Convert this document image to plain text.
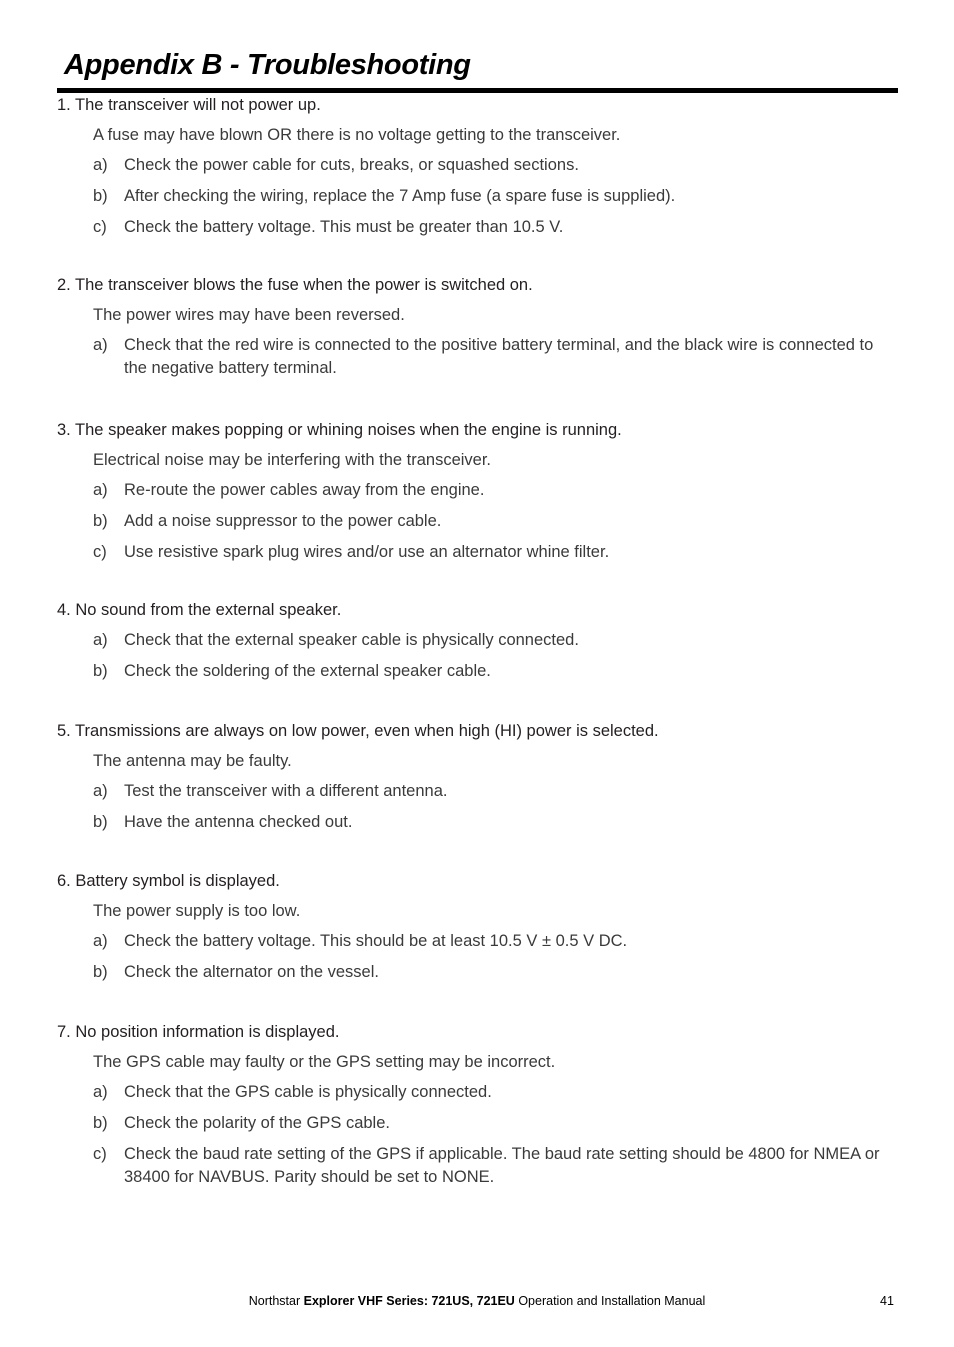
Appendix B - Troubleshooting

1. The transceiver will not power up.

A fuse may have blown OR there is no voltage getting to the transceiver.

a) Check the power cable for cuts, breaks, or squashed sections.
b) After checking the wiring, replace the 7 Amp fuse (a spare fuse is supplied).
c) Check the battery voltage. This must be greater than 10.5 V.

2. The transceiver blows the fuse when the power is switched on.

The power wires may have been reversed.

a) Check that the red wire is connected to the positive battery terminal, and the black wire is connected to the negative battery terminal.

3. The speaker makes popping or whining noises when the engine is running.

Electrical noise may be interfering with the transceiver.

a) Re-route the power cables away from the engine.
b) Add a noise suppressor to the power cable.
c) Use resistive spark plug wires and/or use an alternator whine filter.

4. No sound from the external speaker.

a) Check that the external speaker cable is physically connected.
b) Check the soldering of the external speaker cable.

5. Transmissions are always on low power, even when high (HI) power is selected.

The antenna may be faulty.

a) Test the transceiver with a different antenna.
b) Have the antenna checked out.

6. Battery symbol is displayed.

The power supply is too low.

a) Check the battery voltage. This should be at least 10.5 V ± 0.5 V DC.
b) Check the alternator on the vessel.

7. No position information is displayed.

The GPS cable may faulty or the GPS setting may be incorrect.

a) Check that the GPS cable is physically connected.
b) Check the polarity of the GPS cable.
c) Check the baud rate setting of the GPS if applicable. The baud rate setting should be 4800 for NMEA or 38400 for NAVBUS. Parity should be set to NONE.
Northstar Explorer VHF Series: 721US, 721EU Operation and Installation Manual	41
